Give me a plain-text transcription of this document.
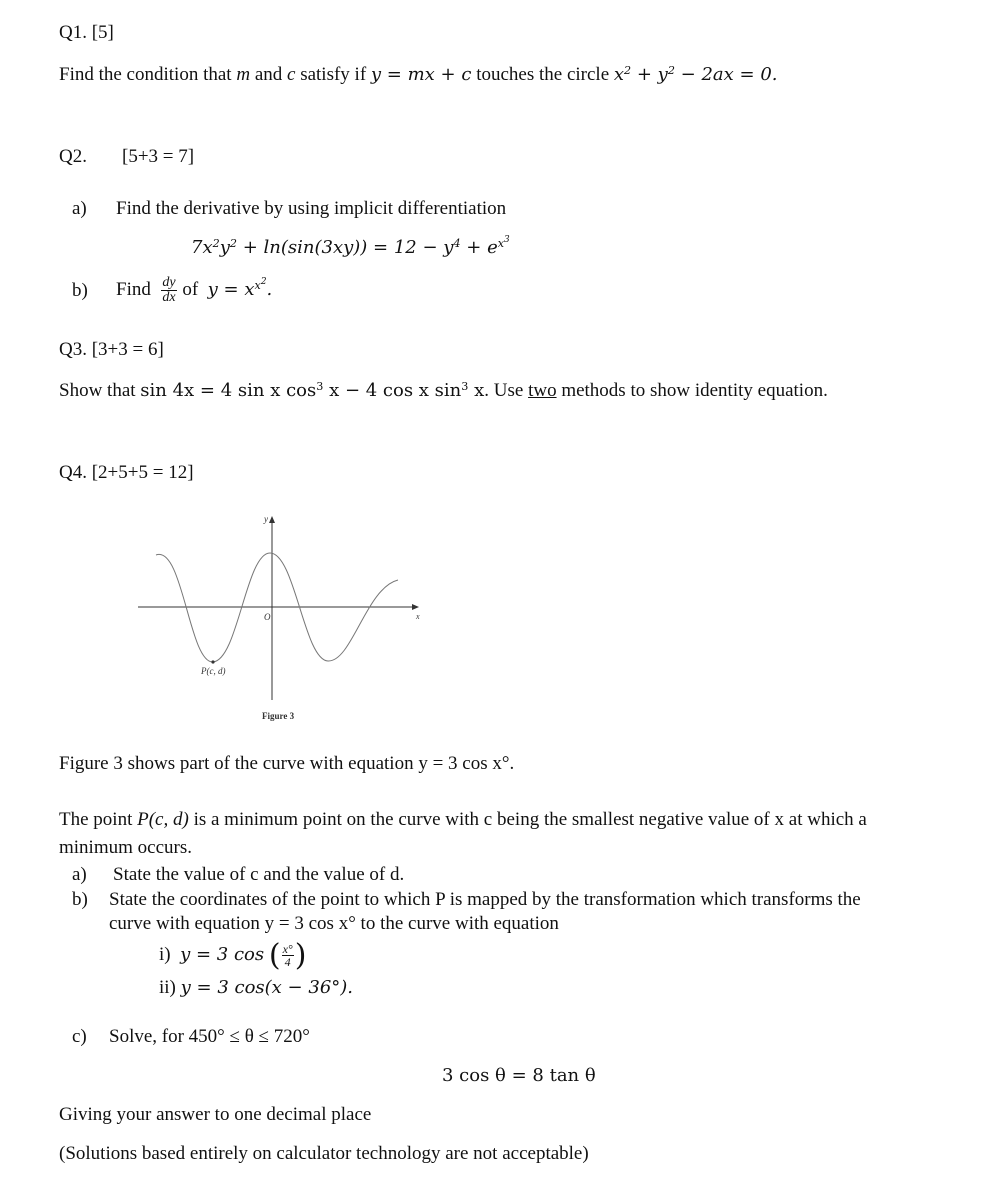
Q1. [5]
Find the condition that m and c satisfy if y = mx + c touches the circle $x^2 + y^2 - 2ax = 0$.
Q2. [5+3 = 7]
a) Find the derivative by using implicit differentiation
$7x^2y^2 + \ln(\sin(3xy)) = 12 - y^4 + e^{x^3}$
b) Find $\frac{dy}{dx}$ of $y = x^{x^2}$.
Q3. [3+3 = 6]
Show that sin 4x = 4 sin x $\cos^3 x - 4$ cos x $\sin^3 x$. Use two methods to show identity equation.
Q4. [2+5+5 = 12]
y
x
O
P(c, d)
Figure 3
Figure 3 shows part of the curve with equation y = 3 cos x°.
The point P(c, d) is a minimum point on the curve with c being the smallest negative value of x at which a
minimum occurs.
a) State the value of c and the value of d.
b) State the coordinates of the point to which P is mapped by the transformation which transforms the
curve with equation y = 3 cos x° to the curve with equation
i) y = 3 cos ( $\frac{x^\circ}{4}$ )
ii) y = 3 cos(x − 36°).
c) Solve, for 450° ≤ θ ≤ 720°
3 cos θ = 8 tan θ
Giving your answer to one decimal place
(Solutions based entirely on calculator technology are not acceptable)
